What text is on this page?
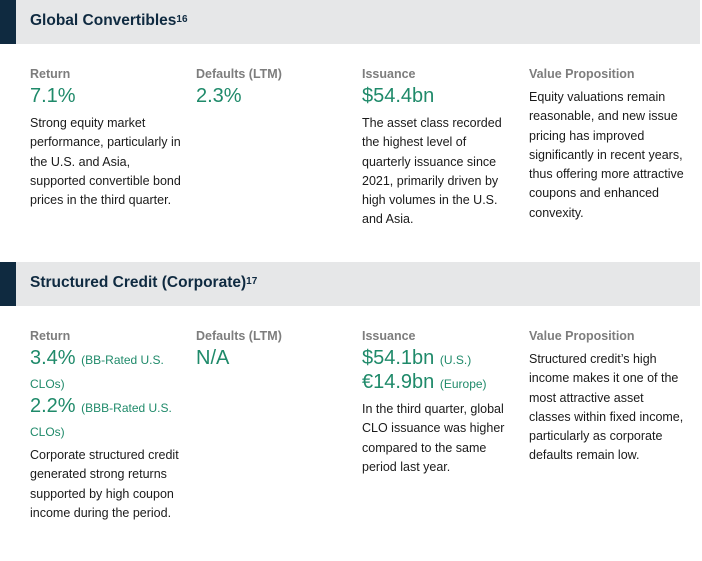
Global Convertibles$^{16}$
Return
7.1%
Strong equity market performance, particularly in the U.S. and Asia, supported convertible bond prices in the third quarter.
Defaults (LTM)
2.3%
Issuance
$54.4bn
The asset class recorded the highest level of quarterly issuance since 2021, primarily driven by high volumes in the U.S. and Asia.
Value Proposition
Equity valuations remain reasonable, and new issue pricing has improved significantly in recent years, thus offering more attractive coupons and enhanced convexity.
Structured Credit (Corporate)$^{17}$
Return
3.4% (BB-Rated U.S. CLOs)
2.2% (BBB-Rated U.S. CLOs)
Corporate structured credit generated strong returns supported by high coupon income during the period.
Defaults (LTM)
N/A
Issuance
$54.1bn (U.S.)
€14.9bn (Europe)
In the third quarter, global CLO issuance was higher compared to the same period last year.
Value Proposition
Structured credit’s high income makes it one of the most attractive asset classes within fixed income, particularly as corporate defaults remain low.
